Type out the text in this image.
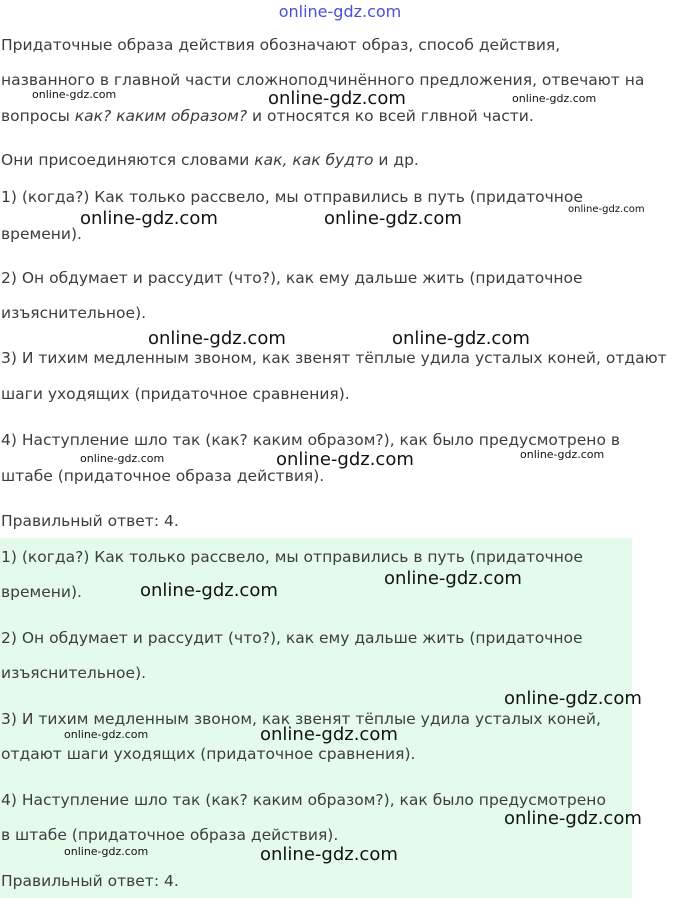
online-gdz.com
Придаточные образа действия обозначают образ, способ действия,
названного в главной части сложноподчинённого предложения, отвечают на
вопросы как? каким образом? и относятся ко всей глвной части.
Они присоединяются словами как, как будто и др.
1) (когда?) Как только рассвело, мы отправились в путь (придаточное
времени).
2) Он обдумает и рассудит (что?), как ему дальше жить (придаточное
изъяснительное).
3) И тихим медленным звоном, как звенят тёплые удила усталых коней, отдают
шаги уходящих (придаточное сравнения).
4) Наступление шло так (как? каким образом?), как было предусмотрено в
штабе (придаточное образа действия).
Правильный ответ: 4.
1) (когда?) Как только рассвело, мы отправились в путь (придаточное
времени).
2) Он обдумает и рассудит (что?), как ему дальше жить (придаточное
изъяснительное).
3) И тихим медленным звоном, как звенят тёплые удила усталых коней,
отдают шаги уходящих (придаточное сравнения).
4) Наступление шло так (как? каким образом?), как было предусмотрено
в штабе (придаточное образа действия).
Правильный ответ: 4.
online-gdz.com	online-gdz.com	online-gdz.com
online-gdz.com	online-gdz.com	online-gdz.com
online-gdz.com	online-gdz.com
online-gdz.com	online-gdz.com	online-gdz.com
online-gdz.com
online-gdz.com
online-gdz.com
online-gdz.com	online-gdz.com
online-gdz.com
online-gdz.com	online-gdz.com
